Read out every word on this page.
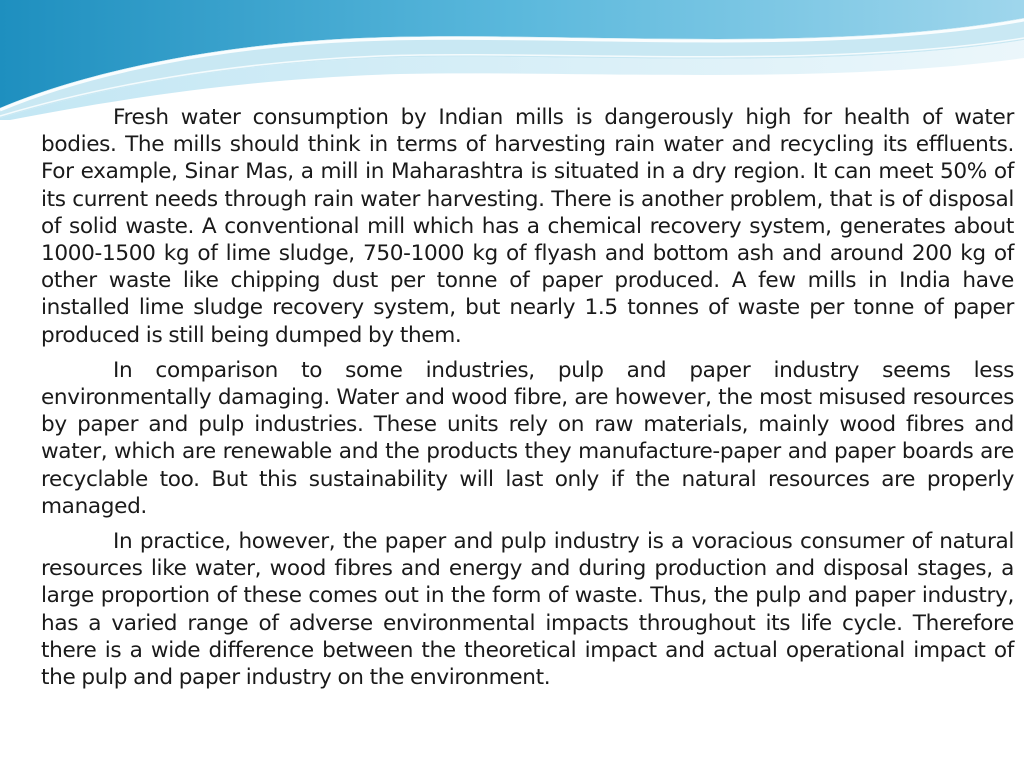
Fresh water consumption by Indian mills is dangerously high for health of water bodies. The mills should think in terms of harvesting rain water and recycling its effluents. For example, Sinar Mas, a mill in Maharashtra is situated in a dry region. It can meet 50% of its current needs through rain water harvesting. There is another problem, that is of disposal of solid waste. A conventional mill which has a chemical recovery system, generates about 1000-1500 kg of lime sludge, 750-1000 kg of flyash and bottom ash and around 200 kg of other waste like chipping dust per tonne of paper produced. A few mills in India have installed lime sludge recovery system, but nearly 1.5 tonnes of waste per tonne of paper produced is still being dumped by them.

In comparison to some industries, pulp and paper industry seems less environmentally damaging. Water and wood fibre, are however, the most misused resources by paper and pulp industries. These units rely on raw materials, mainly wood fibres and water, which are renewable and the products they manufacture-paper and paper boards are recyclable too. But this sustainability will last only if the natural resources are properly managed.

In practice, however, the paper and pulp industry is a voracious consumer of natural resources like water, wood fibres and energy and during production and disposal stages, a large proportion of these comes out in the form of waste. Thus, the pulp and paper industry, has a varied range of adverse environmental impacts throughout its life cycle. Therefore there is a wide difference between the theoretical impact and actual operational impact of the pulp and paper industry on the environment.
